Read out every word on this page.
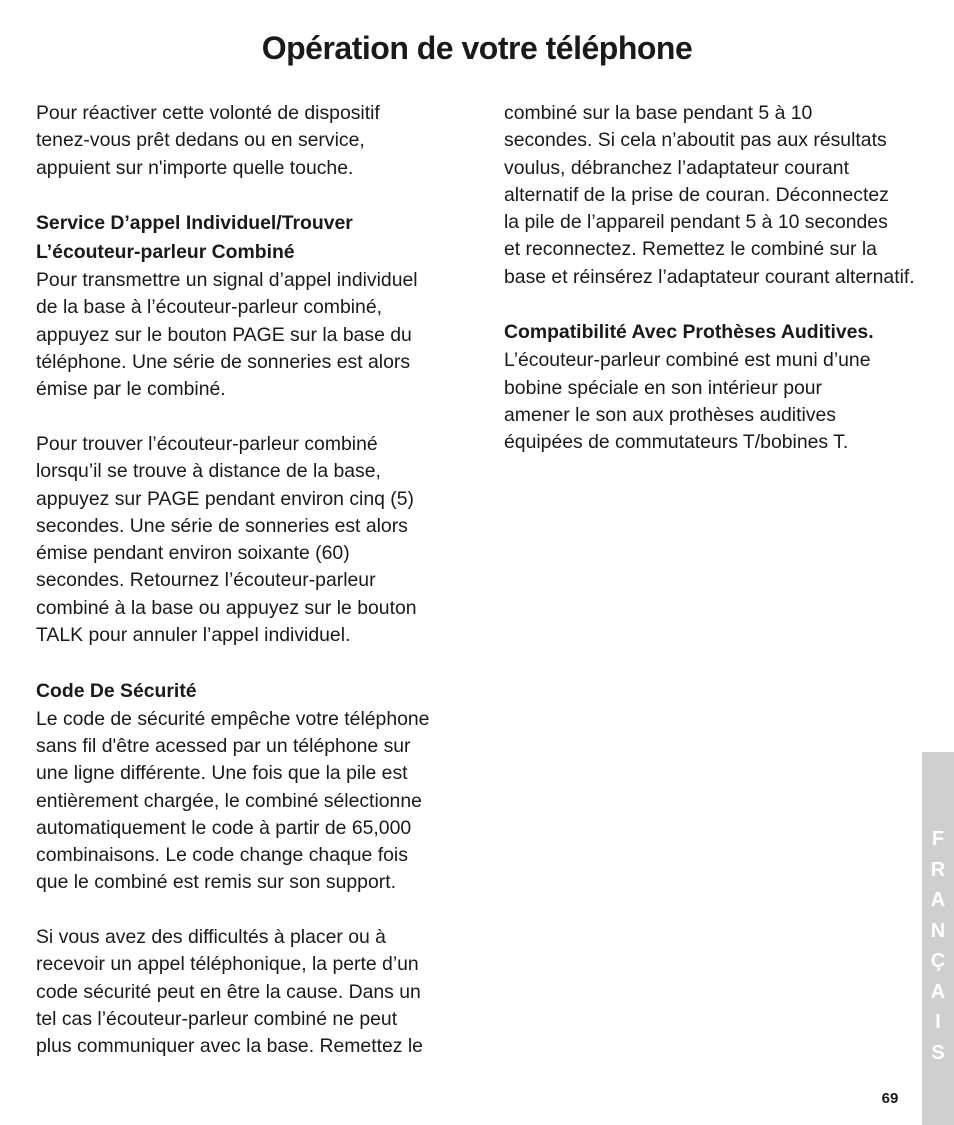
Opération de votre téléphone

Pour réactiver cette volonté de dispositif
tenez-vous prêt dedans ou en service,
appuient sur n'importe quelle touche.

Service D’appel Individuel/Trouver
L’écouteur-parleur Combiné

Pour transmettre un signal d’appel individuel
de la base à l’écouteur-parleur combiné,
appuyez sur le bouton PAGE sur la base du
téléphone. Une série de sonneries est alors
émise par le combiné.

Pour trouver l’écouteur-parleur combiné
lorsqu’il se trouve à distance de la base,
appuyez sur PAGE pendant environ cinq (5)
secondes. Une série de sonneries est alors
émise pendant environ soixante (60)
secondes. Retournez l’écouteur-parleur
combiné à la base ou appuyez sur le bouton
TALK pour annuler l’appel individuel.

Code De Sécurité

Le code de sécurité empêche votre téléphone
sans fil d'être acessed par un téléphone sur
une ligne différente. Une fois que la pile est
entièrement chargée, le combiné sélectionne
automatiquement le code à partir de 65,000
combinaisons. Le code change chaque fois
que le combiné est remis sur son support.

Si vous avez des difficultés à placer ou à
recevoir un appel téléphonique, la perte d’un
code sécurité peut en être la cause. Dans un
tel cas l’écouteur-parleur combiné ne peut
plus communiquer avec la base. Remettez le

combiné sur la base pendant 5 à 10
secondes. Si cela n’aboutit pas aux résultats
voulus, débranchez l’adaptateur courant
alternatif de la prise de couran. Déconnectez
la pile de l’appareil pendant 5 à 10 secondes
et reconnectez. Remettez le combiné sur la
base et réinsérez l’adaptateur courant alternatif.

Compatibilité Avec Prothèses Auditives.

L’écouteur-parleur combiné est muni d’une
bobine spéciale en son intérieur pour
amener le son aux prothèses auditives
équipées de commutateurs T/bobines T.

F
R
A
N
Ç
A
I
S
69
